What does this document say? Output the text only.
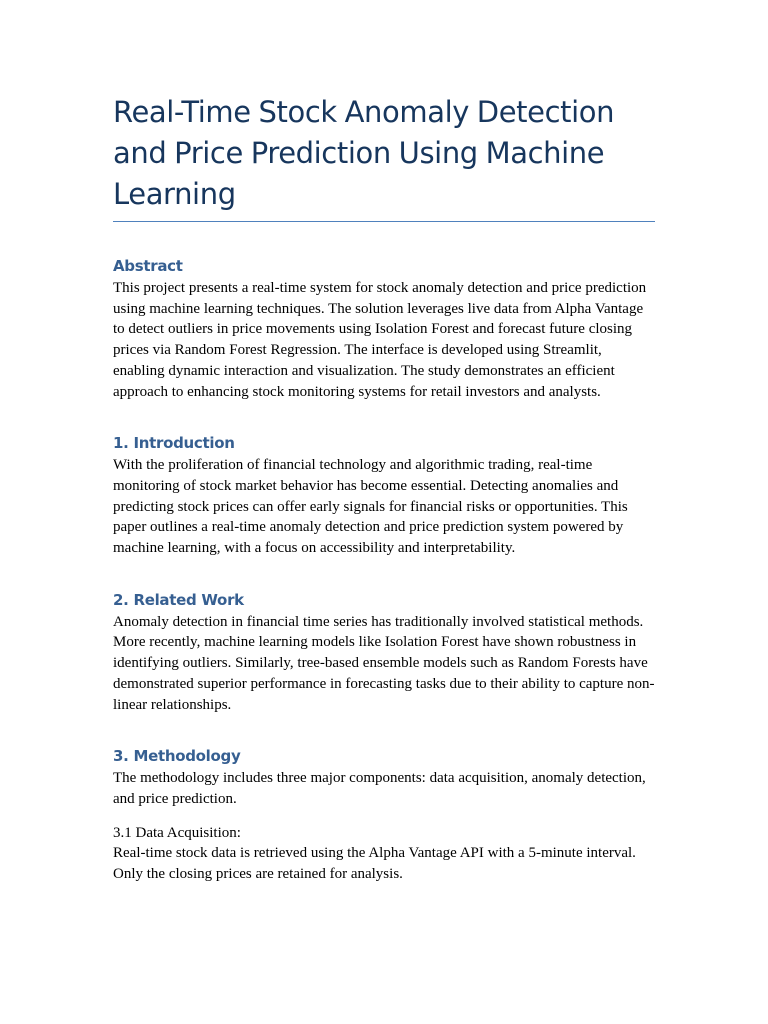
Real-Time Stock Anomaly Detection and Price Prediction Using Machine Learning
Abstract

This project presents a real-time system for stock anomaly detection and price prediction using machine learning techniques. The solution leverages live data from Alpha Vantage to detect outliers in price movements using Isolation Forest and forecast future closing prices via Random Forest Regression. The interface is developed using Streamlit, enabling dynamic interaction and visualization. The study demonstrates an efficient approach to enhancing stock monitoring systems for retail investors and analysts.

1. Introduction

With the proliferation of financial technology and algorithmic trading, real-time monitoring of stock market behavior has become essential. Detecting anomalies and predicting stock prices can offer early signals for financial risks or opportunities. This paper outlines a real-time anomaly detection and price prediction system powered by machine learning, with a focus on accessibility and interpretability.

2. Related Work

Anomaly detection in financial time series has traditionally involved statistical methods. More recently, machine learning models like Isolation Forest have shown robustness in identifying outliers. Similarly, tree-based ensemble models such as Random Forests have demonstrated superior performance in forecasting tasks due to their ability to capture non-linear relationships.

3. Methodology

The methodology includes three major components: data acquisition, anomaly detection, and price prediction.

3.1 Data Acquisition:

Real-time stock data is retrieved using the Alpha Vantage API with a 5-minute interval. Only the closing prices are retained for analysis.
